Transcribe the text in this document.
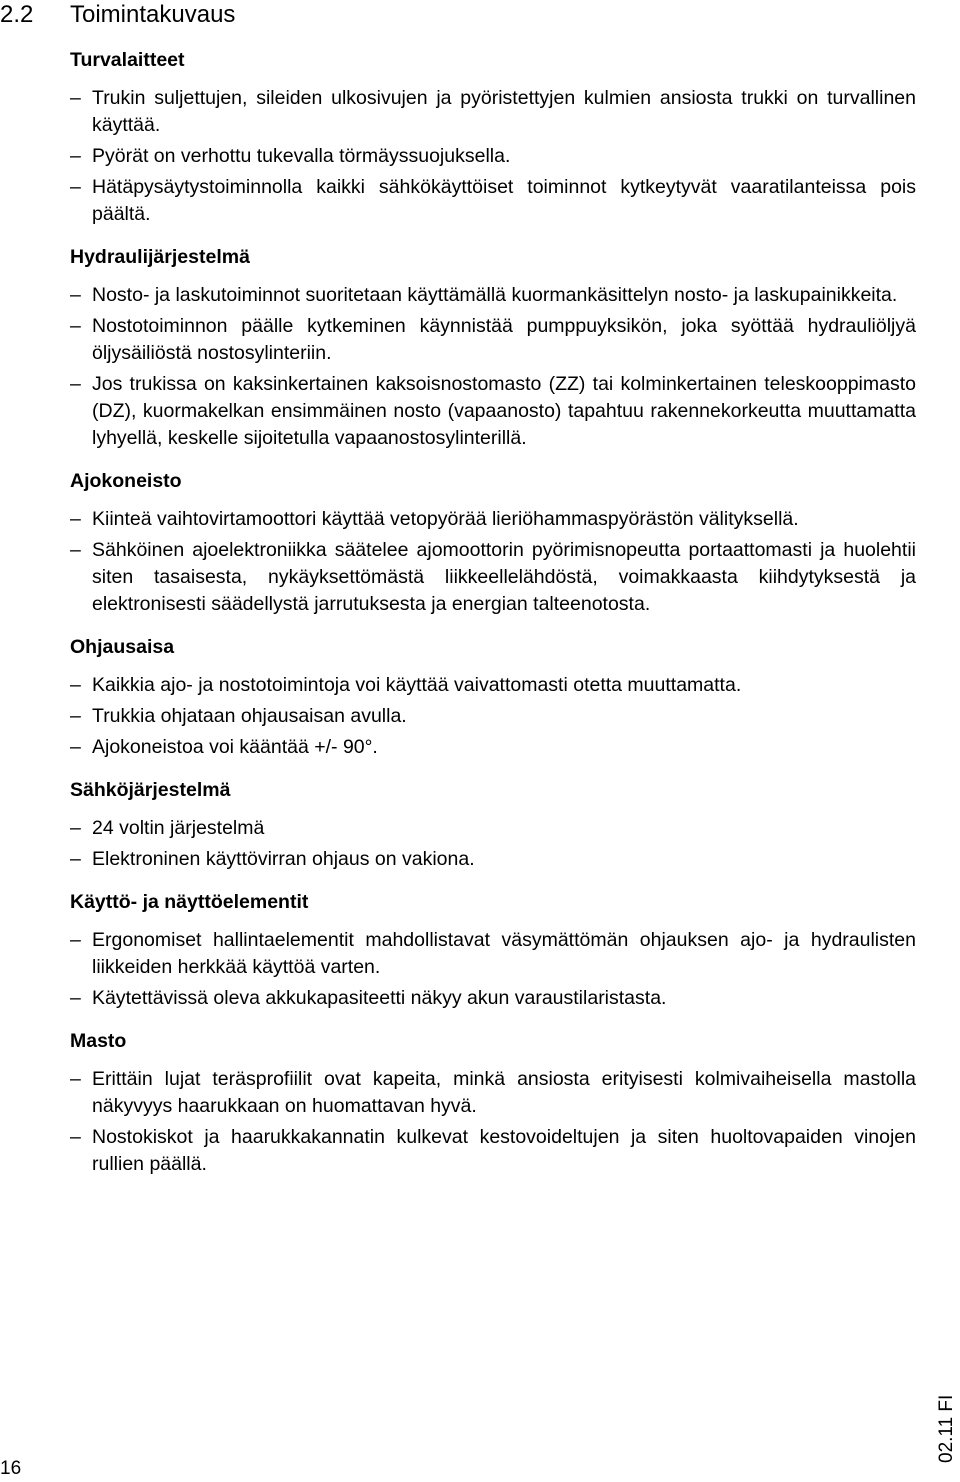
2.2 Toimintakuvaus
Turvalaitteet
– Trukin suljettujen, sileiden ulkosivujen ja pyöristettyjen kulmien ansiosta trukki on turvallinen käyttää.
– Pyörät on verhottu tukevalla törmäyssuojuksella.
– Hätäpysäytystoiminnolla kaikki sähkökäyttöiset toiminnot kytkeytyvät vaaratilanteissa pois päältä.
Hydraulijärjestelmä
– Nosto- ja laskutoiminnot suoritetaan käyttämällä kuormankäsittelyn nosto- ja laskupainikkeita.
– Nostotoiminnon päälle kytkeminen käynnistää pumppuyksikön, joka syöttää hydrauliöljyä öljysäiliöstä nostosylinteriin.
– Jos trukissa on kaksinkertainen kaksoisnostomasto (ZZ) tai kolminkertainen teleskooppimasto (DZ), kuormakelkan ensimmäinen nosto (vapaanosto) tapahtuu rakennekorkeutta muuttamatta lyhyellä, keskelle sijoitetulla vapaanostosylinterillä.
Ajokoneisto
– Kiinteä vaihtovirtamoottori käyttää vetopyörää lieriöhammaspyörästön välityksellä.
– Sähköinen ajoelektroniikka säätelee ajomoottorin pyörimisnopeutta portaattomasti ja huolehtii siten tasaisesta, nykäyksettömästä liikkeellelähdöstä, voimakkaasta kiihdytyksestä ja elektronisesti säädellystä jarrutuksesta ja energian talteenotosta.
Ohjausaisa
– Kaikkia ajo- ja nostotoimintoja voi käyttää vaivattomasti otetta muuttamatta.
– Trukkia ohjataan ohjausaisan avulla.
– Ajokoneistoa voi kääntää +/- 90°.
Sähköjärjestelmä
– 24 voltin järjestelmä
– Elektroninen käyttövirran ohjaus on vakiona.
Käyttö- ja näyttöelementit
– Ergonomiset hallintaelementit mahdollistavat väsymättömän ohjauksen ajo- ja hydraulisten liikkeiden herkkää käyttöä varten.
– Käytettävissä oleva akkukapasiteetti näkyy akun varaustilaristasta.
Masto
– Erittäin lujat teräsprofiilit ovat kapeita, minkä ansiosta erityisesti kolmivaiheisella mastolla näkyvyys haarukkaan on huomattavan hyvä.
– Nostokiskot ja haarukkakannatin kulkevat kestovoideltujen ja siten huoltovapaiden vinojen rullien päällä.
02.11 FI
16
